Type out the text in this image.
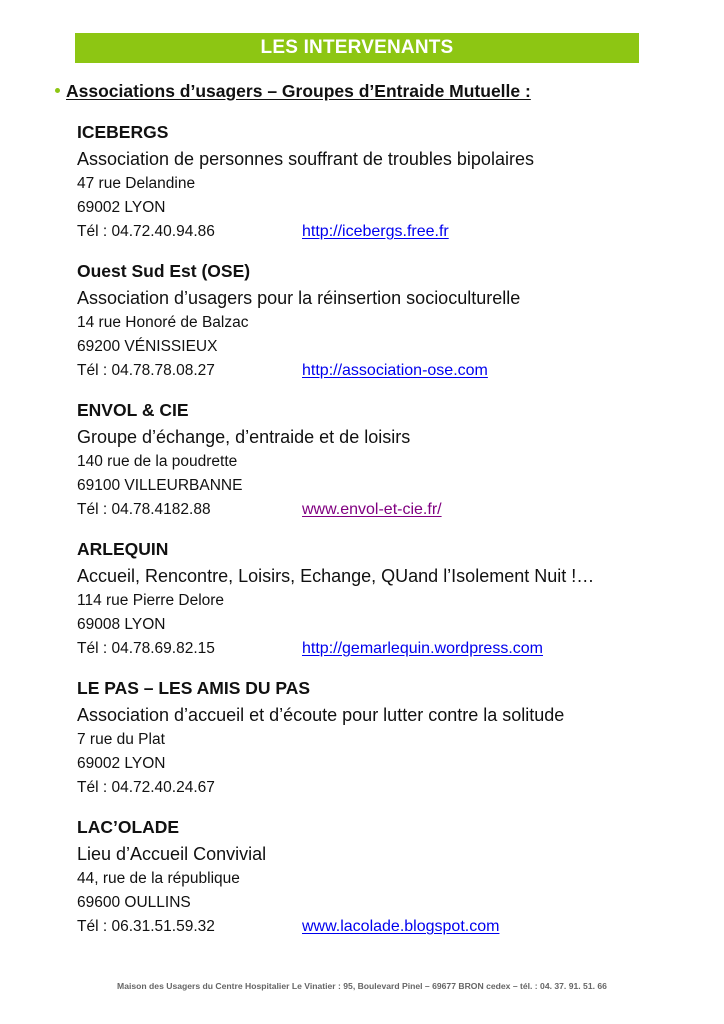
LES INTERVENANTS
Associations d’usagers – Groupes d’Entraide Mutuelle :
ICEBERGS
Association de personnes souffrant de troubles bipolaires
47 rue Delandine
69002 LYON
Tél : 04.72.40.94.86	http://icebergs.free.fr
Ouest Sud Est (OSE)
Association d’usagers pour la réinsertion socioculturelle
14 rue Honoré de Balzac
69200 VÉNISSIEUX
Tél : 04.78.78.08.27	http://association-ose.com
ENVOL & CIE
Groupe d’échange, d’entraide et de loisirs
140 rue de la poudrette
69100 VILLEURBANNE
Tél : 04.78.4182.88	www.envol-et-cie.fr/
ARLEQUIN
Accueil, Rencontre, Loisirs, Echange, QUand l’Isolement Nuit !…
114 rue Pierre Delore
69008 LYON
Tél : 04.78.69.82.15	http://gemarlequin.wordpress.com
LE PAS – LES AMIS DU PAS
Association d’accueil et d’écoute pour lutter contre la solitude
7 rue du Plat
69002 LYON
Tél : 04.72.40.24.67
LAC’OLADE
Lieu d’Accueil Convivial
44, rue de la république
69600 OULLINS
Tél : 06.31.51.59.32	www.lacolade.blogspot.com
Maison des Usagers du Centre Hospitalier Le Vinatier : 95, Boulevard Pinel – 69677 BRON cedex – tél. : 04. 37. 91. 51. 66
